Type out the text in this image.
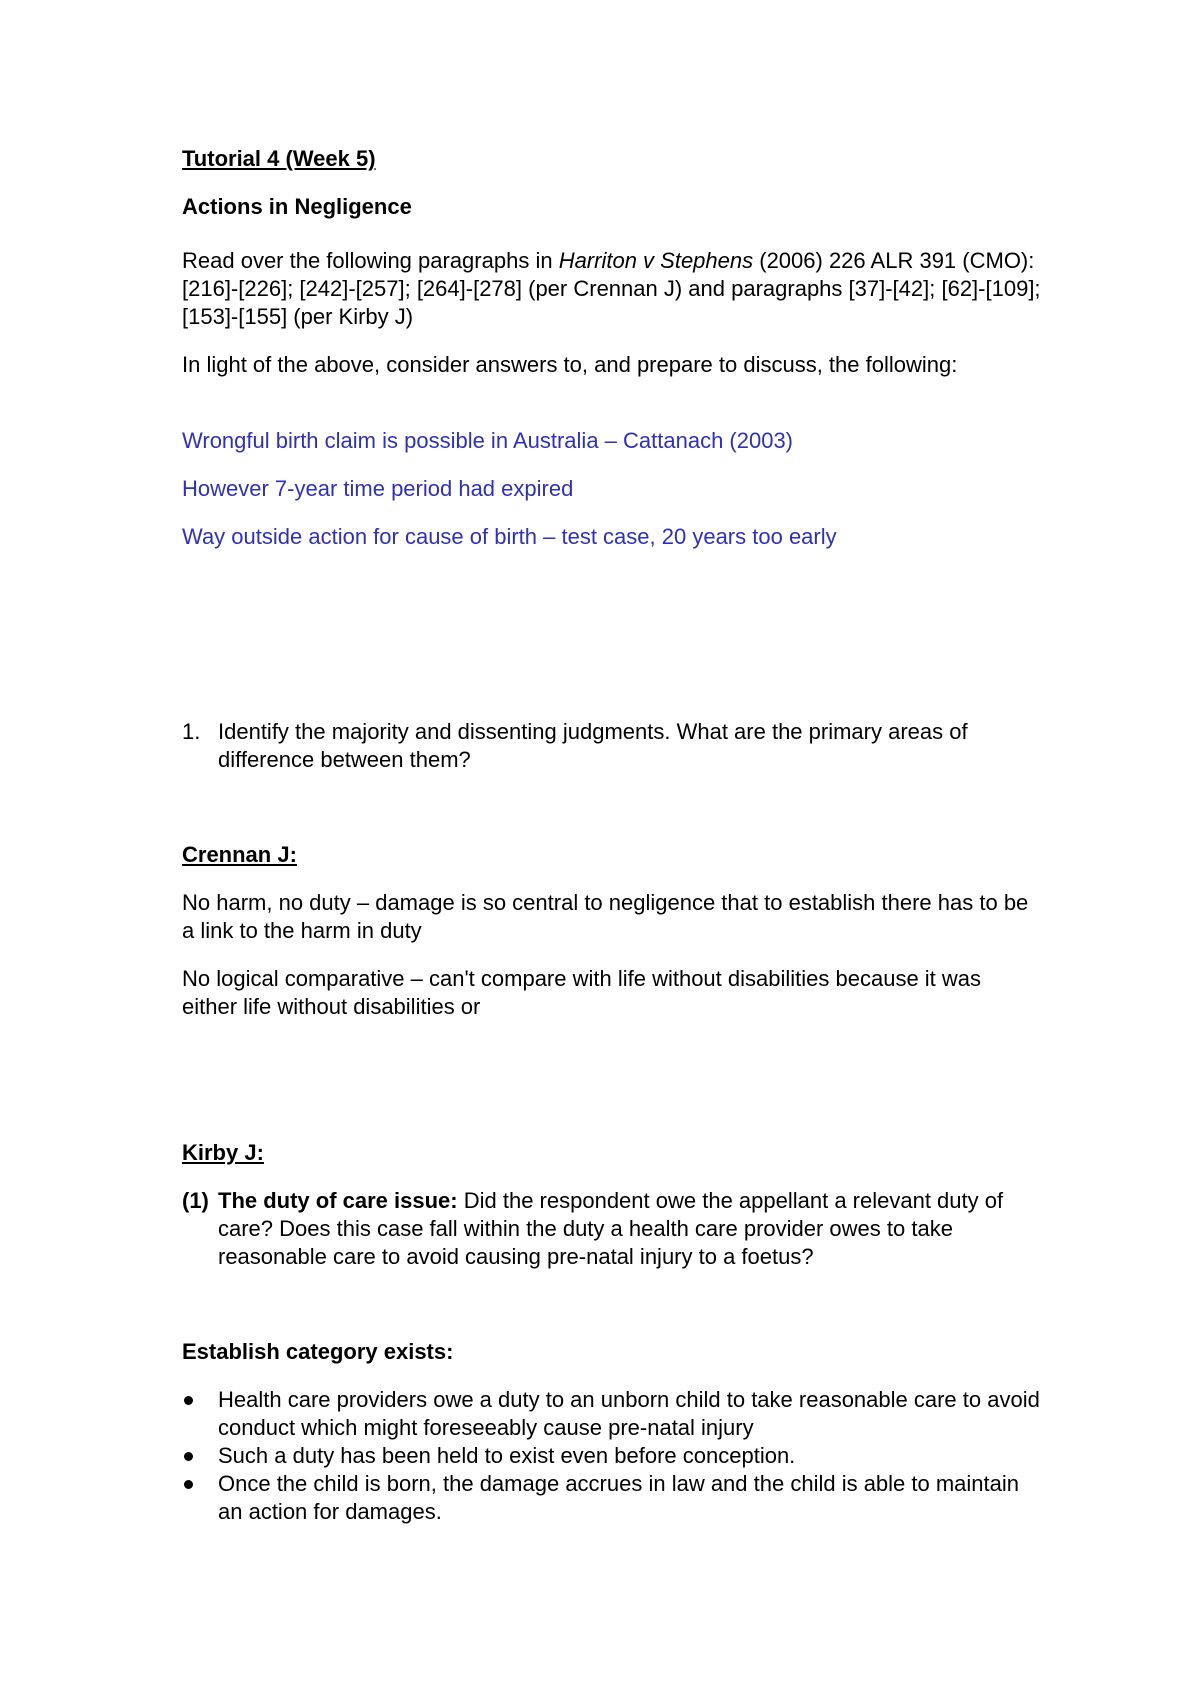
Tutorial 4 (Week 5)

Actions in Negligence

Read over the following paragraphs in Harriton v Stephens (2006) 226 ALR 391 (CMO): [216]-[226]; [242]-[257]; [264]-[278] (per Crennan J) and paragraphs [37]-[42]; [62]-[109]; [153]-[155] (per Kirby J)

In light of the above, consider answers to, and prepare to discuss, the following:

Wrongful birth claim is possible in Australia – Cattanach (2003)

However 7-year time period had expired

Way outside action for cause of birth – test case, 20 years too early

1. Identify the majority and dissenting judgments. What are the primary areas of difference between them?

Crennan J:

No harm, no duty – damage is so central to negligence that to establish there has to be a link to the harm in duty

No logical comparative – can't compare with life without disabilities because it was either life without disabilities or

Kirby J:

(1) The duty of care issue: Did the respondent owe the appellant a relevant duty of care? Does this case fall within the duty a health care provider owes to take reasonable care to avoid causing pre-natal injury to a foetus?

Establish category exists:

Health care providers owe a duty to an unborn child to take reasonable care to avoid conduct which might foreseeably cause pre-natal injury
Such a duty has been held to exist even before conception.
Once the child is born, the damage accrues in law and the child is able to maintain an action for damages.
